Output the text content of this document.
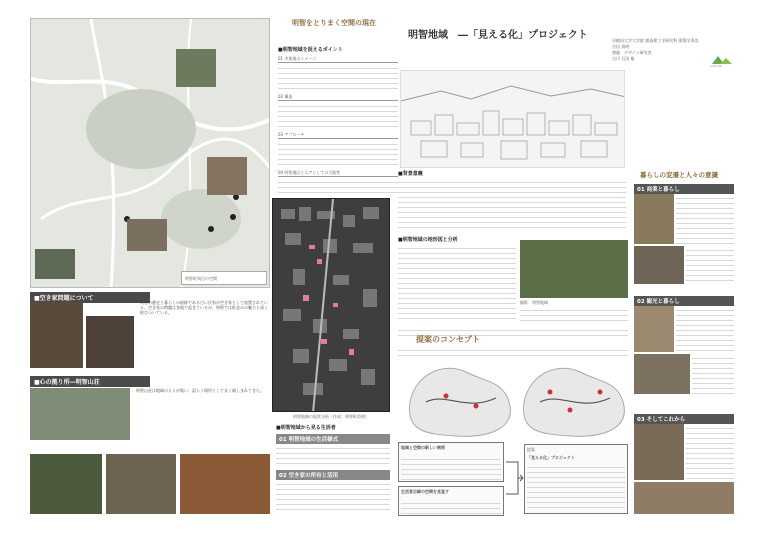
明智町周辺の空間
■空き家問題について
明智の歴史と暮らしの痕跡である古い民家が空き家として放置されている。空き家の問題は各地で起きているが、明智では町並みの魅力と深く結びついている。
■心の拠り所―明智山荘
明智山荘は地域の人々が集い、語らう場所として長く親しまれてきた。
明智をとりまく空間の現在
■明智地域を捉えるポイント
01 市街地のイメージ
02 構造
03 アプローチ
04 明智地区とエアとしての可能性
明智地域の現状分析（作成：明智町役場）
■明智地域から見る生活者
01 明智地域の生活様式
02 空き家の所有と活用
明智地域　―「見える化」プロジェクト	早稲田大学大学院 創造理工学研究科 建築学専攻
吉田 真明
齋藤　デザイン研究室
吉川 石田 雄
yoki-lab
■背景意義
■明智地域の地形図と分析
撮影：明智地域
提案のコンセプト
地域と空間の新しい関係
生活者目線の空間を見直す
提案
「見える化」プロジェクト
暮らしの変遷と人々の意識
01 商業と暮らし
02 観光と暮らし
03 そしてこれから
